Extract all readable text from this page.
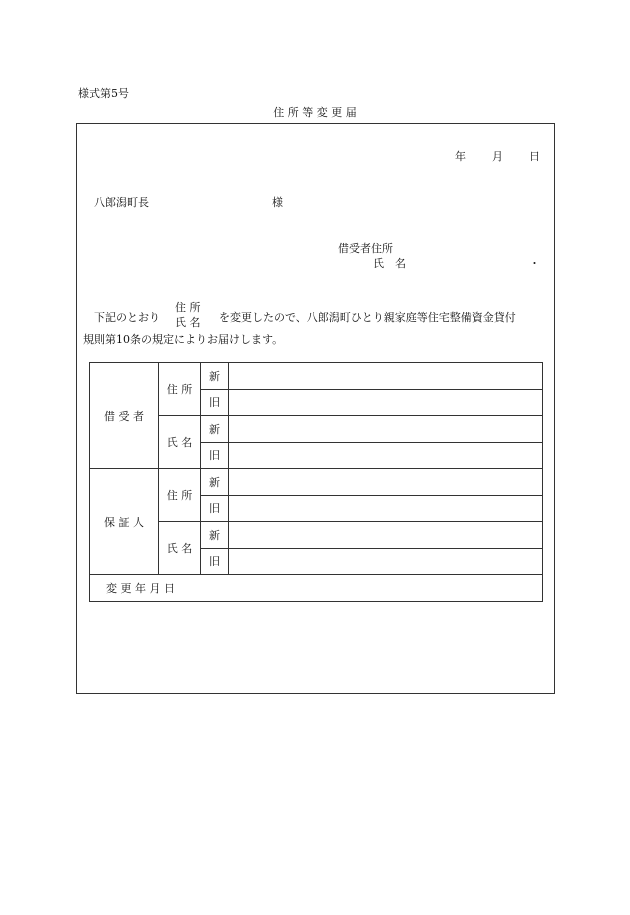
様式第5号
住 所 等 変 更 届
年 月 日
八郎潟町長	様
借受者住所
氏　名	・
下記のとおり
住 所
氏 名 を変更したので、八郎潟町ひとり親家庭等住宅整備資金貸付
規則第10条の規定によりお届けします。
借 受 者	住 所	新	
		旧	
	氏 名	新	
		旧	
保 証 人	住 所	新	
		旧	
	氏 名	新	
		旧	
変 更 年 月 日			
